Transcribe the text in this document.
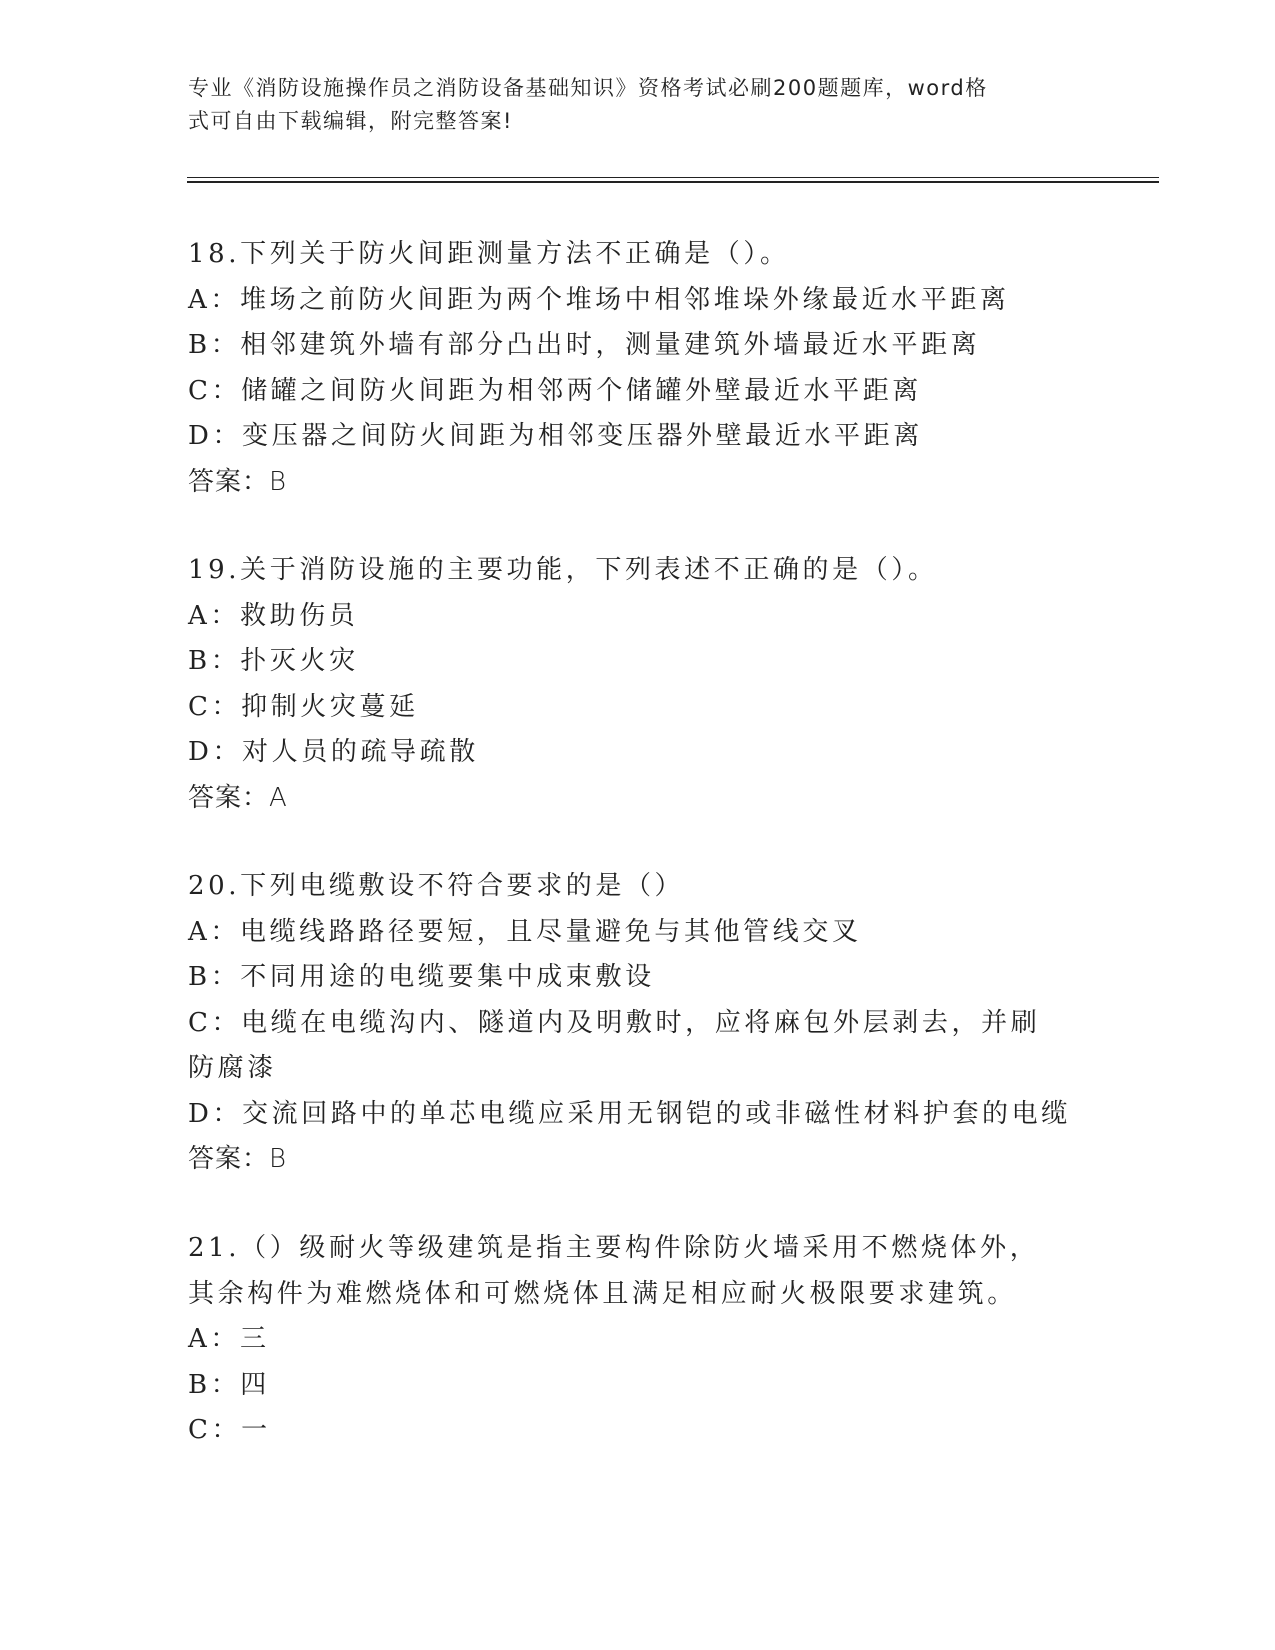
专业《消防设施操作员之消防设备基础知识》资格考试必刷200题题库，word格
式可自由下载编辑，附完整答案!
18.下列关于防火间距测量方法不正确是（）。
A：堆场之前防火间距为两个堆场中相邻堆垛外缘最近水平距离
B：相邻建筑外墙有部分凸出时，测量建筑外墙最近水平距离
C：储罐之间防火间距为相邻两个储罐外壁最近水平距离
D：变压器之间防火间距为相邻变压器外壁最近水平距离
答案：B
19.关于消防设施的主要功能，下列表述不正确的是（）。
A：救助伤员
B：扑灭火灾
C：抑制火灾蔓延
D：对人员的疏导疏散
答案：A
20.下列电缆敷设不符合要求的是（）
A：电缆线路路径要短，且尽量避免与其他管线交叉
B：不同用途的电缆要集中成束敷设
C：电缆在电缆沟内、隧道内及明敷时，应将麻包外层剥去，并刷防腐漆
D：交流回路中的单芯电缆应采用无钢铠的或非磁性材料护套的电缆
答案：B
21.（）级耐火等级建筑是指主要构件除防火墙采用不燃烧体外，其余构件为难燃烧体和可燃烧体且满足相应耐火极限要求建筑。
A：三
B：四
C：一
